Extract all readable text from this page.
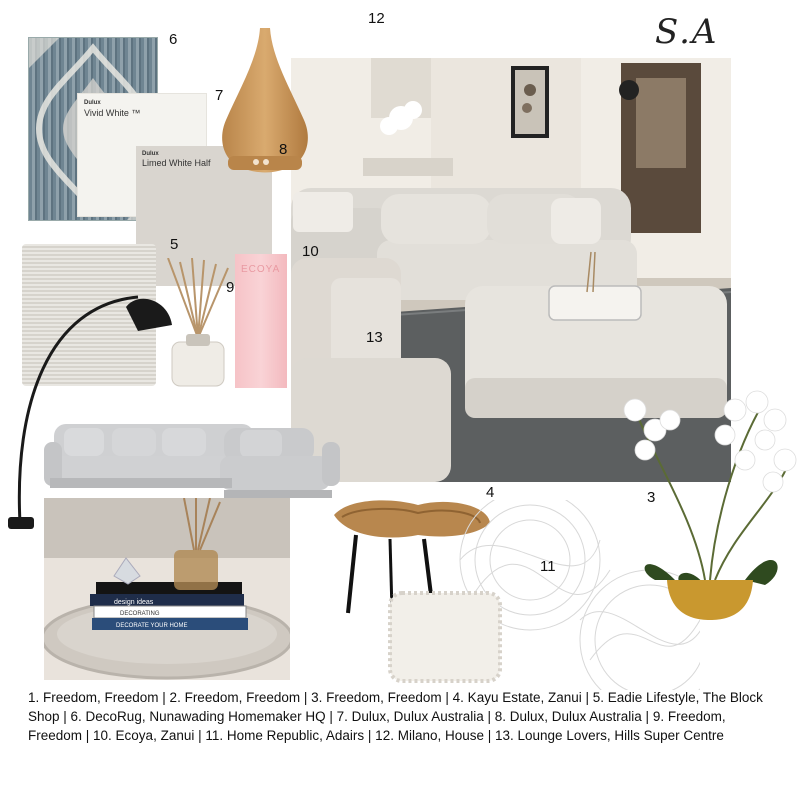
S.A
Dulux
Vivid White ™
Dulux
Limed White Half
ECOYA
design ideas
DECORATING
DECORATE YOUR HOME
12
6
7
8
5	10
9
13
4	3
11

1. Freedom, Freedom | 2. Freedom, Freedom | 3. Freedom, Freedom | 4. Kayu Estate, Zanui | 5. Eadie Lifestyle, The Block Shop | 6. DecoRug, Nunawading Homemaker HQ | 7. Dulux, Dulux Australia | 8. Dulux, Dulux Australia | 9. Freedom, Freedom | 10. Ecoya, Zanui | 11. Home Republic, Adairs | 12. Milano, House | 13. Lounge Lovers, Hills Super Centre
